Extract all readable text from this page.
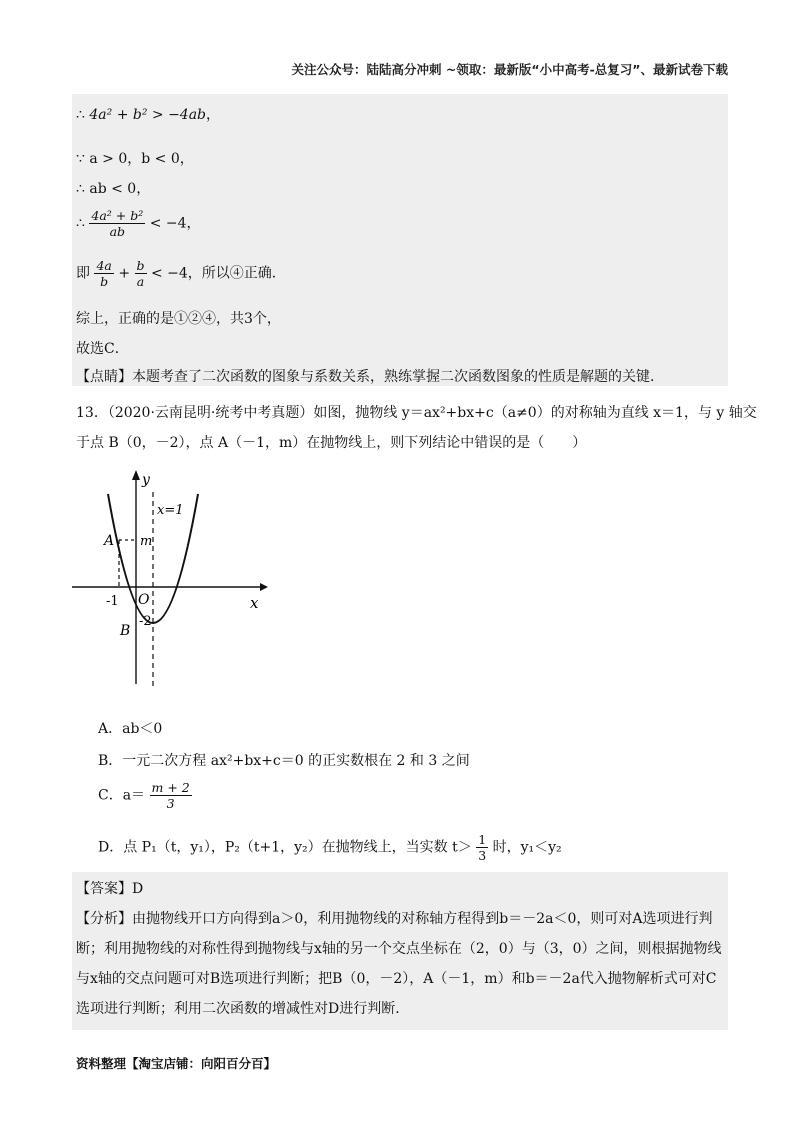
关注公众号：陆陆高分冲刺 ~领取：最新版“小中高考-总复习”、最新试卷下载
∴ 4a² + b² > −4ab，
∵ a > 0，b < 0，
∴ ab < 0，
∴ $\frac{\text{4a² + b²}}{ab} < -4$，
即 $\frac{4a}{b} + \frac{b}{a} < -4$，所以④正确．
综上，正确的是①②④，共3个，
故选C．
【点睛】本题考查了二次函数的图象与系数关系，熟练掌握二次函数图象的性质是解题的关键．
13．（2020·云南昆明·统考中考真题）如图，抛物线 y＝ax²+bx+c（a≠0）的对称轴为直线 x＝1，与 y 轴交
于点 B（0，－2），点 A（－1，m）在抛物线上，则下列结论中错误的是（　　）
y
x
x=1
A m
-1 O
B
-2
A．ab＜0
B．一元二次方程 ax²+bx+c＝0 的正实数根在 2 和 3 之间
C．$a= \frac{m + 2}{3}$
D．点 P₁（t，y₁），P₂（t+1，y₂）在抛物线上，当实数 $t> \frac{1}{3}$ 时，y₁＜y₂
【答案】D
【分析】由抛物线开口方向得到a＞0，利用抛物线的对称轴方程得到b＝－2a＜0，则可对A选项进行判断；利用抛物线的对称性得到抛物线与x轴的另一个交点坐标在（2，0）与（3，0）之间，则根据抛物线与x轴的交点问题可对B选项进行判断；把B（0，－2），A（－1，m）和b＝－2a代入抛物解析式可对C选项进行判断；利用二次函数的增减性对D进行判断．
资料整理【淘宝店铺：向阳百分百】
